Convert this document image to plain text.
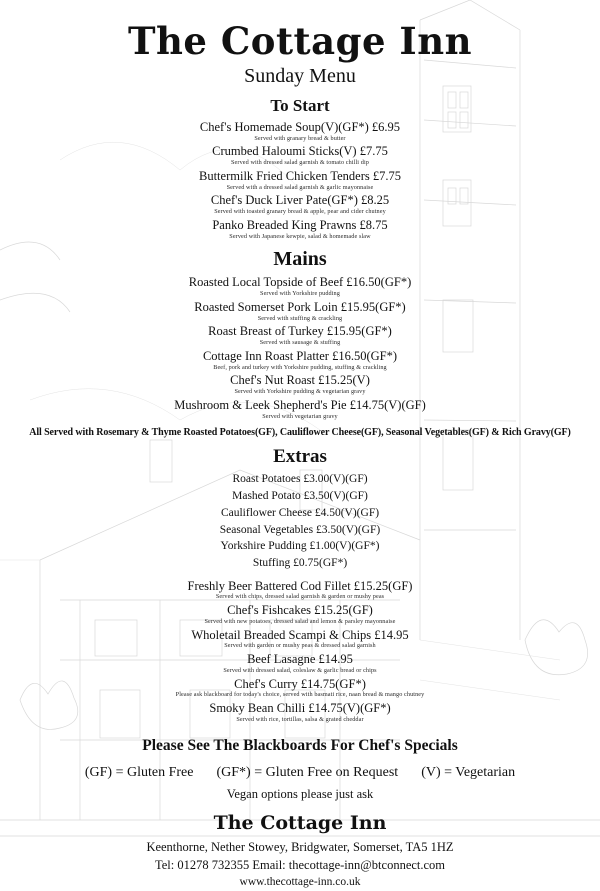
The Cottage Inn
Sunday Menu
To Start
Chef's Homemade Soup(V)(GF*) £6.95
Served with granary bread & butter
Crumbed Haloumi Sticks(V) £7.75
Served with dressed salad garnish & tomato chilli dip
Buttermilk Fried Chicken Tenders £7.75
Served with a dressed salad garnish & garlic mayonnaise
Chef's Duck Liver Pate(GF*) £8.25
Served with toasted granary bread & apple, pear and cider chutney
Panko Breaded King Prawns £8.75
Served with Japanese kewpie, salad & homemade slaw
Mains
Roasted Local Topside of Beef £16.50(GF*)
Served with Yorkshire pudding
Roasted Somerset Pork Loin £15.95(GF*)
Served with stuffing & crackling
Roast Breast of Turkey £15.95(GF*)
Served with sausage & stuffing
Cottage Inn Roast Platter £16.50(GF*)
Beef, pork and turkey with Yorkshire pudding, stuffing & crackling
Chef's Nut Roast £15.25(V)
Served with Yorkshire pudding & vegetarian gravy
Mushroom & Leek Shepherd's Pie £14.75(V)(GF)
Served with vegetarian gravy
All Served with Rosemary & Thyme Roasted Potatoes(GF), Cauliflower Cheese(GF), Seasonal Vegetables(GF) & Rich Gravy(GF)
Extras
Roast Potatoes £3.00(V)(GF)
Mashed Potato £3.50(V)(GF)
Cauliflower Cheese £4.50(V)(GF)
Seasonal Vegetables £3.50(V)(GF)
Yorkshire Pudding £1.00(V)(GF*)
Stuffing £0.75(GF*)
Freshly Beer Battered Cod Fillet £15.25(GF)
Served with chips, dressed salad garnish & garden or mushy peas
Chef's Fishcakes £15.25(GF)
Served with new potatoes, dressed salad and lemon & parsley mayonnaise
Wholetail Breaded Scampi & Chips £14.95
Served with garden or mushy peas & dressed salad garnish
Beef Lasagne £14.95
Served with dressed salad, coleslaw & garlic bread or chips
Chef's Curry £14.75(GF*)
Please ask blackboard for today's choice, served with basmati rice, naan bread & mango chutney
Smoky Bean Chilli £14.75(V)(GF*)
Served with rice, tortillas, salsa & grated cheddar
Please See The Blackboards For Chef's Specials
(GF) = Gluten Free (GF*) = Gluten Free on Request (V) = Vegetarian
Vegan options please just ask
The Cottage Inn
Keenthorne, Nether Stowey, Bridgwater, Somerset, TA5 1HZ
Tel: 01278 732355 Email: thecottage-inn@btconnect.com
www.thecottage-inn.co.uk
